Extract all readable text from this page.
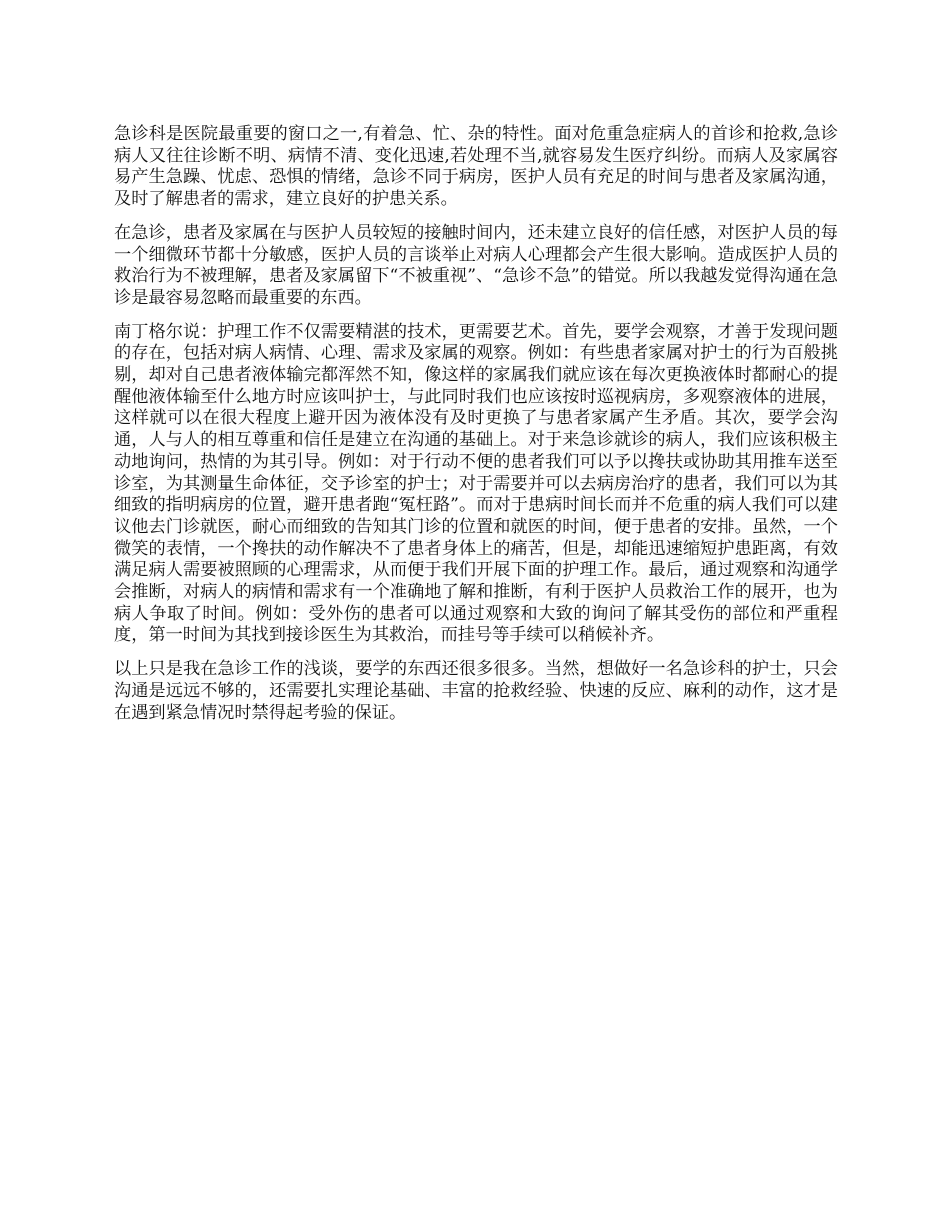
急诊科是医院最重要的窗口之一,有着急、忙、杂的特性。面对危重急症病人的首诊和抢救,急诊病人又往往诊断不明、病情不清、变化迅速,若处理不当,就容易发生医疗纠纷。而病人及家属容易产生急躁、忧虑、恐惧的情绪，急诊不同于病房，医护人员有充足的时间与患者及家属沟通，及时了解患者的需求，建立良好的护患关系。

在急诊，患者及家属在与医护人员较短的接触时间内，还未建立良好的信任感，对医护人员的每一个细微环节都十分敏感，医护人员的言谈举止对病人心理都会产生很大影响。造成医护人员的救治行为不被理解，患者及家属留下“不被重视”、“急诊不急”的错觉。所以我越发觉得沟通在急诊是最容易忽略而最重要的东西。

南丁格尔说：护理工作不仅需要精湛的技术，更需要艺术。首先，要学会观察，才善于发现问题的存在，包括对病人病情、心理、需求及家属的观察。例如：有些患者家属对护士的行为百般挑剔，却对自己患者液体输完都浑然不知，像这样的家属我们就应该在每次更换液体时都耐心的提醒他液体输至什么地方时应该叫护士，与此同时我们也应该按时巡视病房，多观察液体的进展，这样就可以在很大程度上避开因为液体没有及时更换了与患者家属产生矛盾。其次，要学会沟通，人与人的相互尊重和信任是建立在沟通的基础上。对于来急诊就诊的病人，我们应该积极主动地询问，热情的为其引导。例如：对于行动不便的患者我们可以予以搀扶或协助其用推车送至诊室，为其测量生命体征，交予诊室的护士；对于需要并可以去病房治疗的患者，我们可以为其细致的指明病房的位置，避开患者跑“冤枉路”。而对于患病时间长而并不危重的病人我们可以建议他去门诊就医，耐心而细致的告知其门诊的位置和就医的时间，便于患者的安排。虽然，一个微笑的表情，一个搀扶的动作解决不了患者身体上的痛苦，但是，却能迅速缩短护患距离，有效满足病人需要被照顾的心理需求，从而便于我们开展下面的护理工作。最后，通过观察和沟通学会推断，对病人的病情和需求有一个准确地了解和推断，有利于医护人员救治工作的展开，也为病人争取了时间。例如：受外伤的患者可以通过观察和大致的询问了解其受伤的部位和严重程度，第一时间为其找到接诊医生为其救治，而挂号等手续可以稍候补齐。

以上只是我在急诊工作的浅谈，要学的东西还很多很多。当然，想做好一名急诊科的护士，只会沟通是远远不够的，还需要扎实理论基础、丰富的抢救经验、快速的反应、麻利的动作，这才是在遇到紧急情况时禁得起考验的保证。
